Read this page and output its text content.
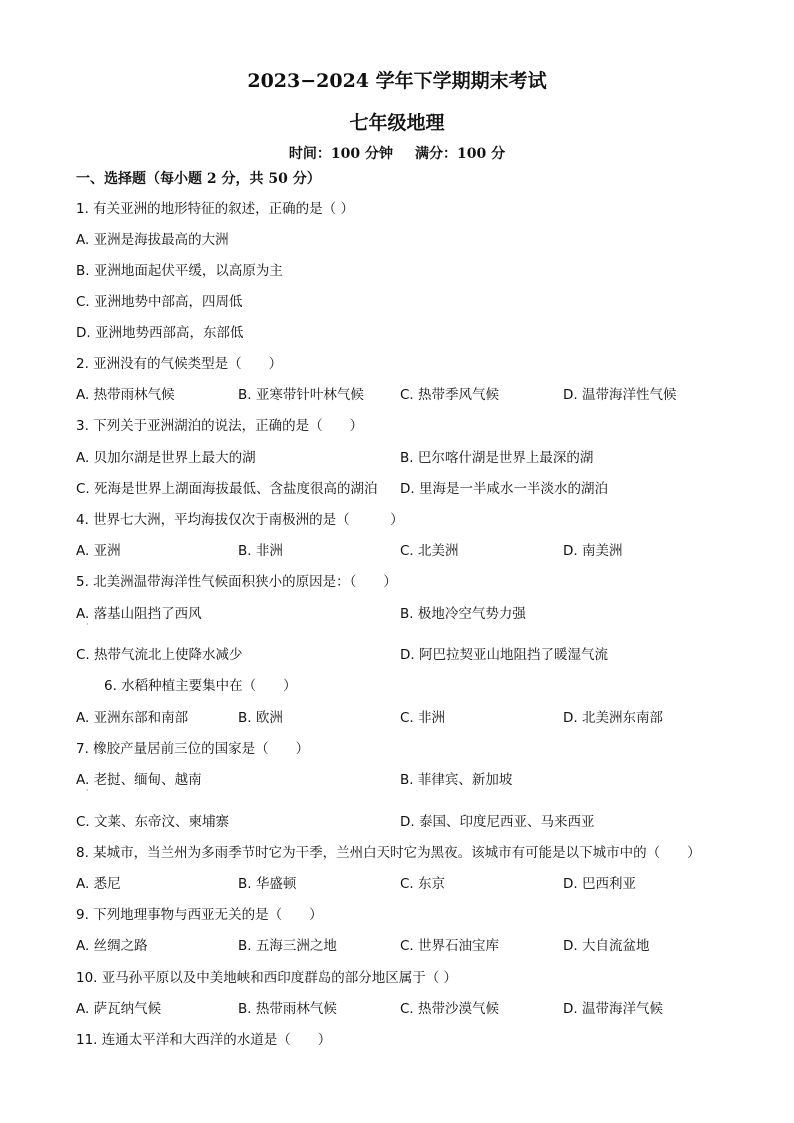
2023−2024 学年下学期期末考试
七年级地理
时间：100 分钟 满分：100 分
一、选择题（每小题 2 分，共 50 分）
1. 有关亚洲的地形特征的叙述，正确的是（ ）
A. 亚洲是海拔最高的大洲
B. 亚洲地面起伏平缓，以高原为主
C. 亚洲地势中部高，四周低
D. 亚洲地势西部高，东部低
2. 亚洲没有的气候类型是（　　）
A. 热带雨林气候	B. 亚寒带针叶林气候	C. 热带季风气候	D. 温带海洋性气候
3. 下列关于亚洲湖泊的说法，正确的是（　　）
A. 贝加尔湖是世界上最大的湖	B. 巴尔喀什湖是世界上最深的湖
C. 死海是世界上湖面海拔最低、含盐度很高的湖泊 D. 里海是一半咸水一半淡水的湖泊
4. 世界七大洲，平均海拔仅次于南极洲的是（　　　）
A. 亚洲	B. 非洲	C. 北美洲	D. 南美洲
5. 北美洲温带海洋性气候面积狭小的原因是：（　　）
A. 落基山阻挡了西风	B. 极地冷空气势力强
·
C. 热带气流北上使降水减少	D. 阿巴拉契亚山地阻挡了暖湿气流
6. 水稻种植主要集中在（　　）
A. 亚洲东部和南部	B. 欧洲	C. 非洲	D. 北美洲东南部
7. 橡胶产量居前三位的国家是（　　）
A. 老挝、缅甸、越南	B. 菲律宾、新加坡
·
C. 文莱、东帝汶、柬埔寨	D. 泰国、印度尼西亚、马来西亚
8. 某城市，当兰州为多雨季节时它为干季，兰州白天时它为黑夜。该城市有可能是以下城市中的（　　）
A. 悉尼	B. 华盛顿	C. 东京	D. 巴西利亚
9. 下列地理事物与西亚无关的是（　　）
A. 丝绸之路	B. 五海三洲之地	C. 世界石油宝库	D. 大自流盆地
10. 亚马孙平原以及中美地峡和西印度群岛的部分地区属于（ ）
A. 萨瓦纳气候	B. 热带雨林气候	C. 热带沙漠气候	D. 温带海洋气候
11. 连通太平洋和大西洋的水道是（　　）
